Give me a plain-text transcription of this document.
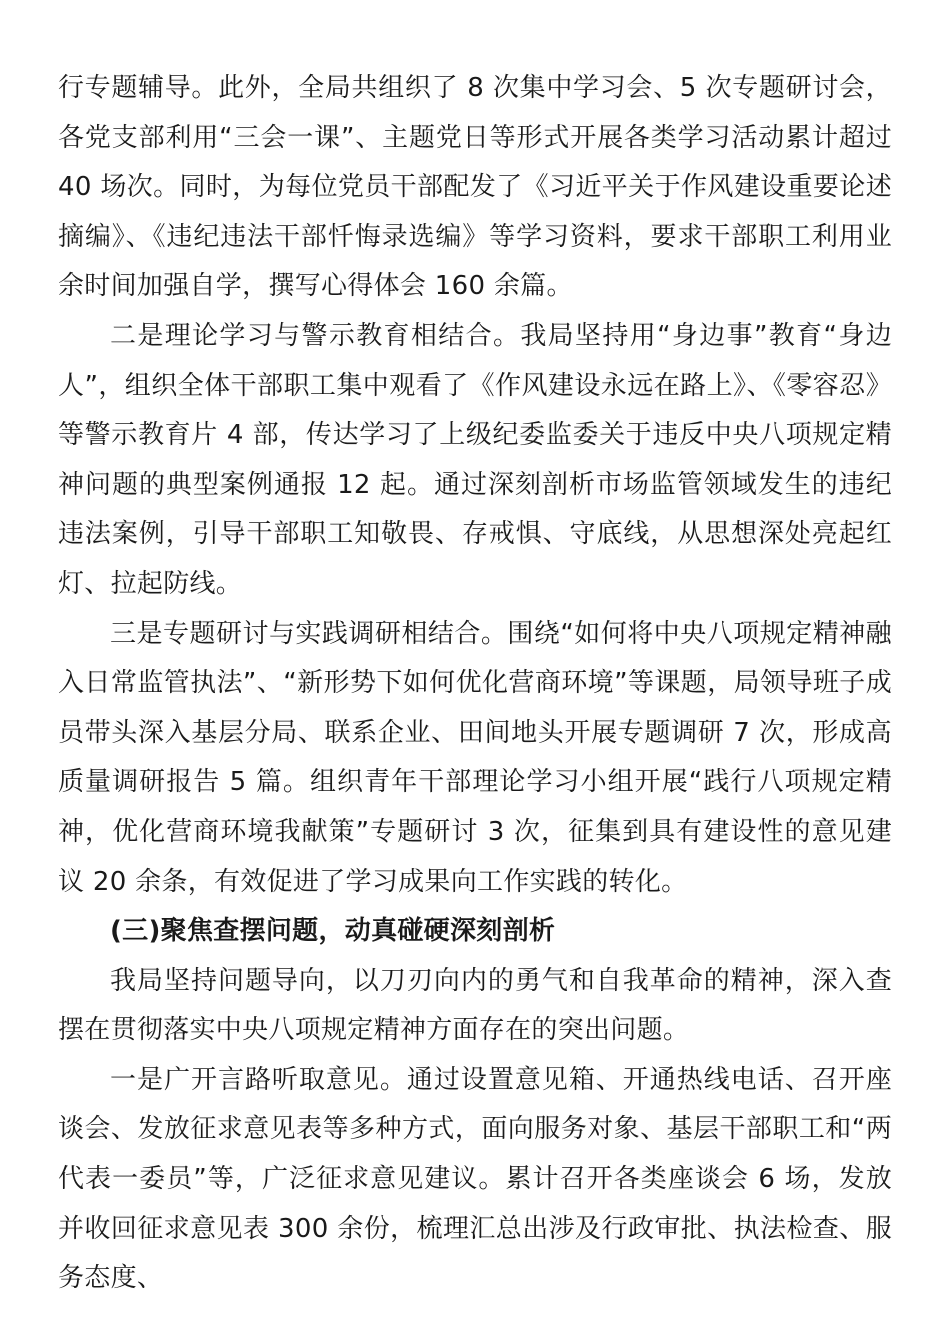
行专题辅导。此外，全局共组织了 8 次集中学习会、5 次专题研讨会，各党支部利用“三会一课”、主题党日等形式开展各类学习活动累计超过 40 场次。同时，为每位党员干部配发了《习近平关于作风建设重要论述摘编》、《违纪违法干部忏悔录选编》等学习资料，要求干部职工利用业余时间加强自学，撰写心得体会 160 余篇。

二是理论学习与警示教育相结合。我局坚持用“身边事”教育“身边人”，组织全体干部职工集中观看了《作风建设永远在路上》、《零容忍》等警示教育片 4 部，传达学习了上级纪委监委关于违反中央八项规定精神问题的典型案例通报 12 起。通过深刻剖析市场监管领域发生的违纪违法案例，引导干部职工知敬畏、存戒惧、守底线，从思想深处亮起红灯、拉起防线。

三是专题研讨与实践调研相结合。围绕“如何将中央八项规定精神融入日常监管执法”、“新形势下如何优化营商环境”等课题，局领导班子成员带头深入基层分局、联系企业、田间地头开展专题调研 7 次，形成高质量调研报告 5 篇。组织青年干部理论学习小组开展“践行八项规定精神，优化营商环境我献策”专题研讨 3 次，征集到具有建设性的意见建议 20 余条，有效促进了学习成果向工作实践的转化。

(三)聚焦查摆问题，动真碰硬深刻剖析

我局坚持问题导向，以刀刃向内的勇气和自我革命的精神，深入查摆在贯彻落实中央八项规定精神方面存在的突出问题。

一是广开言路听取意见。通过设置意见箱、开通热线电话、召开座谈会、发放征求意见表等多种方式，面向服务对象、基层干部职工和“两代表一委员”等，广泛征求意见建议。累计召开各类座谈会 6 场，发放并收回征求意见表 300 余份，梳理汇总出涉及行政审批、执法检查、服务态度、
